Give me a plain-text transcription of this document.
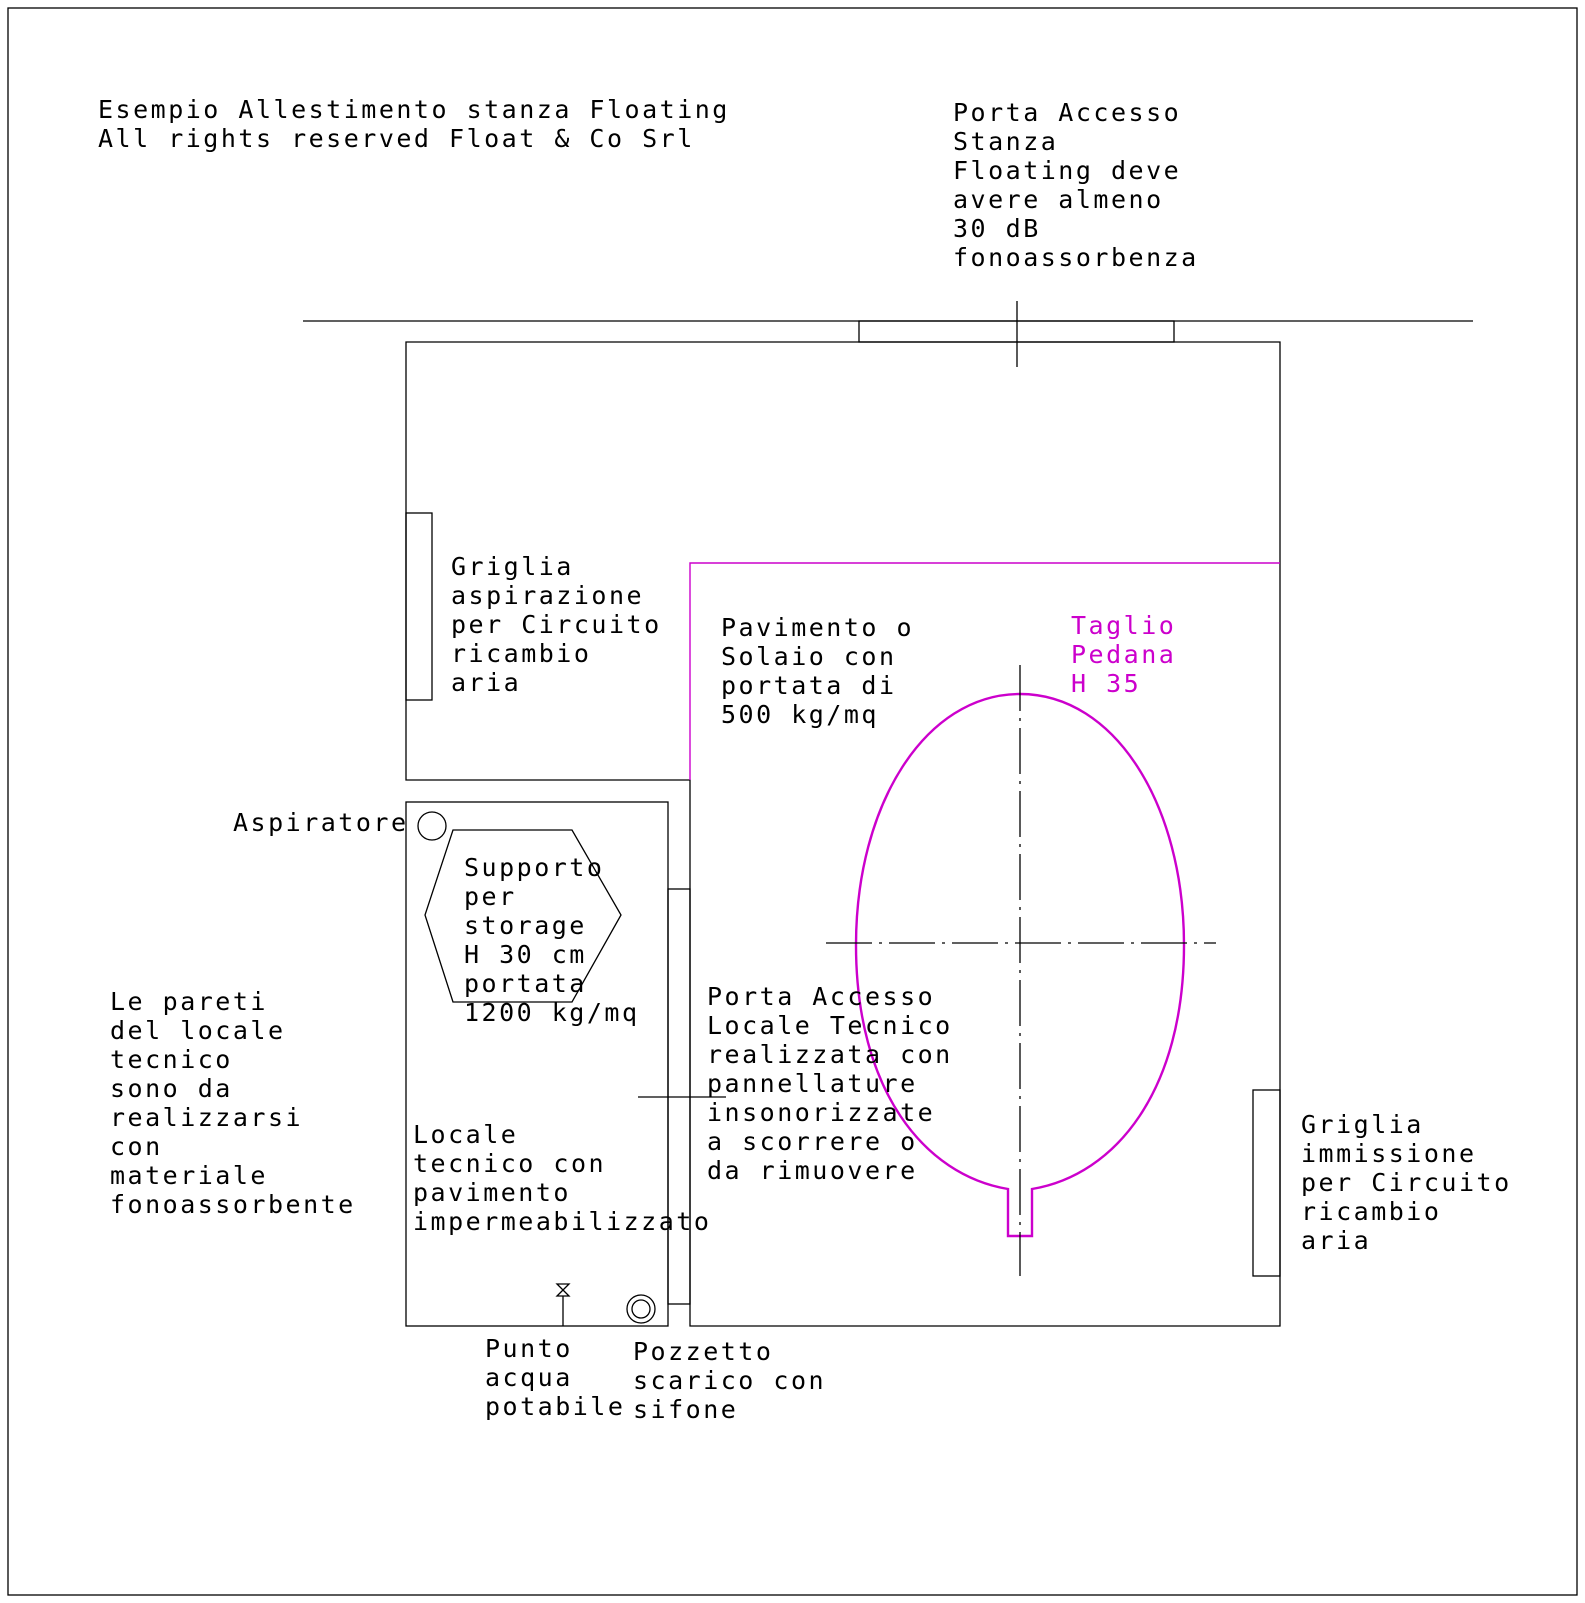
Esempio Allestimento stanza Floating
All rights reserved Float & Co Srl
Porta Accesso
Stanza
Floating deve
avere almeno
30 dB
fonoassorbenza
Griglia
aspirazione
per Circuito
ricambio
aria
Pavimento o
Solaio con
portata di
500 kg/mq
Taglio
Pedana
H 35
Aspiratore
Supporto
per
storage
H 30 cm
portata
1200 kg/mq
Porta Accesso
Locale Tecnico
realizzata con
pannellature
insonorizzate
a scorrere o
da rimuovere
Le pareti
del locale
tecnico
sono da
realizzarsi
con
materiale
fonoassorbente
Locale
tecnico con
pavimento
impermeabilizzato
Griglia
immissione
per Circuito
ricambio
aria
Punto
acqua
potabile
Pozzetto
scarico con
sifone
